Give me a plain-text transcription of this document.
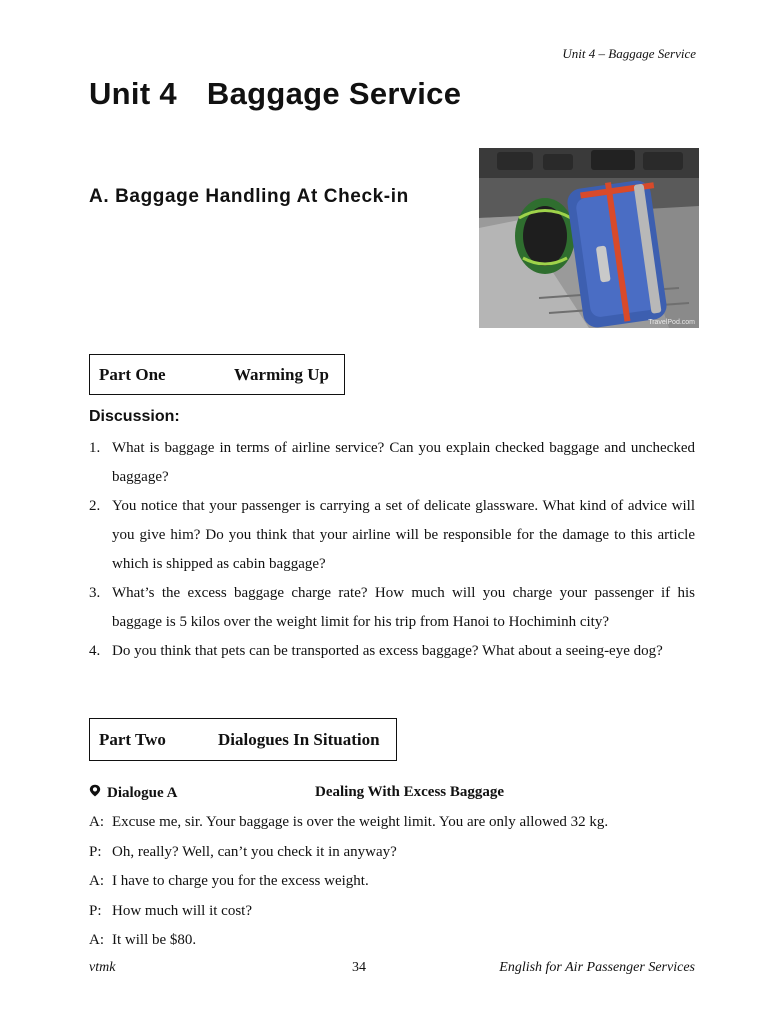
Unit 4 – Baggage Service
Unit 4 Baggage Service
A. Baggage Handling At Check-in
TravelPod.com
Part One	Warming Up
Discussion:
1. What is baggage in terms of airline service? Can you explain checked baggage and unchecked baggage?
2. You notice that your passenger is carrying a set of delicate glassware. What kind of advice will you give him? Do you think that your airline will be responsible for the damage to this article which is shipped as cabin baggage?
3. What’s the excess baggage charge rate? How much will you charge your passenger if his baggage is 5 kilos over the weight limit for his trip from Hanoi to Hochiminh city?
4. Do you think that pets can be transported as excess baggage? What about a seeing-eye dog?
Part Two	Dialogues In Situation
Dialogue A	Dealing With Excess Baggage
A: Excuse me, sir. Your baggage is over the weight limit. You are only allowed 32 kg.
P: Oh, really? Well, can’t you check it in anyway?
A: I have to charge you for the excess weight.
P: How much will it cost?
A: It will be $80.
vtmk	34	English for Air Passenger Services
